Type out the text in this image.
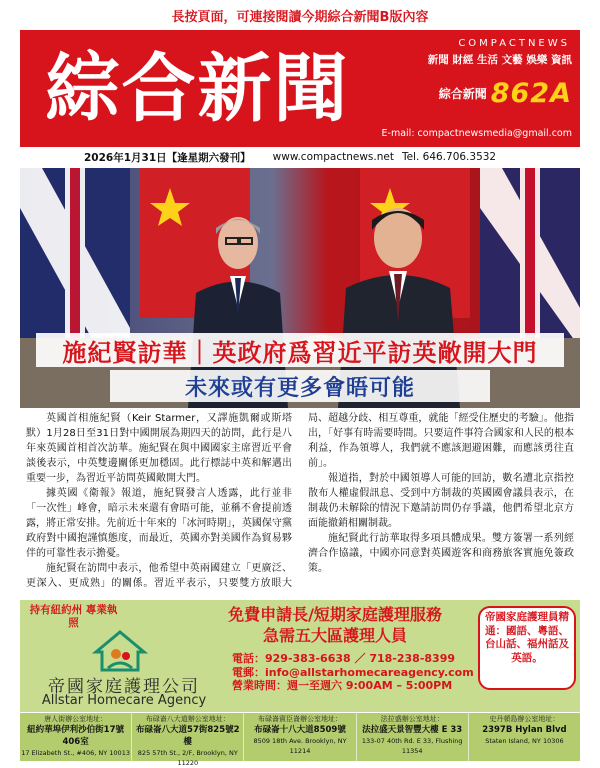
長按頁面，可連接閱讀今期綜合新聞B版內容
綜合新聞
COMPACTNEWS
新聞 財經 生活 文藝 娛樂 資訊
綜合新聞 862A
E-mail: compactnewsmedia@gmail.com
2026年1月31日【逢星期六發刊】 www.compactnews.net Tel. 646.706.3532
施紀賢訪華｜英政府爲習近平訪英敞開大門
未來或有更多會晤可能

英國首相施紀賢（Keir Starmer，又譯施凱爾或斯塔默）1月28日至31日對中國開展為期四天的訪問，此行是八年來英國首相首次訪華。施紀賢在與中國國家主席習近平會談後表示，中英雙邊關係更加穩固。此行標誌中英和解邁出重要一步，為習近平訪問英國敞開大門。

據英國《衛報》報道，施紀賢發言人透露，此行並非「一次性」峰會，暗示未來還有會晤可能，並稱不會提前透露，將正常安排。先前近十年來的「冰河時期」，英國保守黨政府對中國抱謹慎態度，而最近，英國亦對美國作為貿易夥伴的可靠性表示擔憂。

施紀賢在訪問中表示，他希望中英兩國建立「更廣泛、更深入、更成熟」的關係。習近平表示，只要雙方放眼大局、超越分歧、相互尊重，就能「經受住歷史的考驗」。他指出，「好事有時需要時間。只要這件事符合國家和人民的根本利益，作為領導人，我們就不應該迴避困難，而應該勇往直前」。

報道指，對於中國領導人可能的回訪，數名遭北京指控散布人權虛假訊息、受到中方制裁的英國國會議員表示，在制裁仍未解除的情況下邀請訪問仍存爭議，他們希望北京方面能撤銷相關制裁。

施紀賢此行訪華取得多項具體成果。雙方簽署一系列經濟合作協議，中國亦同意對英國遊客和商務旅客實施免簽政策。

持有紐約州 專業執照
帝國家庭護理公司
Allstar Homecare Agency
免費申請長/短期家庭護理服務
急需五大區護理人員
電話：929-383-6638 ／ 718-238-8399
電郵：info@allstarhomecareagency.com
營業時間：週一至週六 9:00AM – 5:00PM
帝國家庭護理員精通：國語、粵語、台山話、福州話及英語。
唐人街辦公室地址：
紐約華埠伊利沙伯街17號406室
17 Elizabeth St., #406, NY 10013
布碌崙八大道辦公室地址：
布碌崙八大道57街825號2樓
825 57th St., 2/F, Brooklyn, NY 11220
布碌崙賓臣崙辦公室地址：
布碌崙十八大道8509號
8509 18th Ave. Brooklyn, NY 11214
法拉盛辦公室地址：
法拉盛天景智豐大樓 E 33
133-07 40th Rd. E 33, Flushing 11354
史丹頓島辦公室地址：
2397B Hylan Blvd
Staten Island, NY 10306
